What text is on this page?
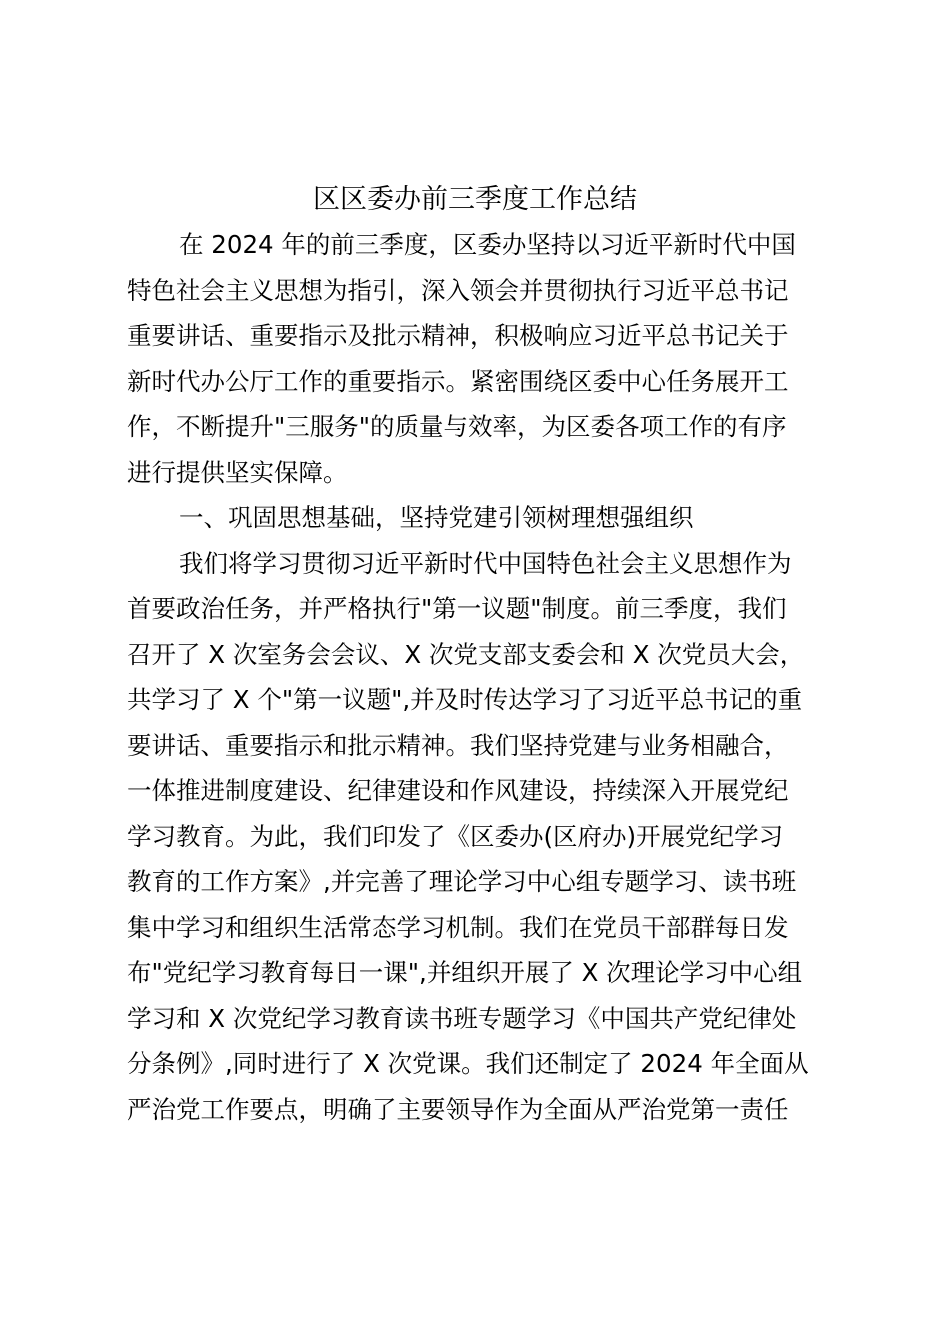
区区委办前三季度工作总结
在 2024 年的前三季度，区委办坚持以习近平新时代中国
特色社会主义思想为指引，深入领会并贯彻执行习近平总书记
重要讲话、重要指示及批示精神，积极响应习近平总书记关于
新时代办公厅工作的重要指示。紧密围绕区委中心任务展开工
作，不断提升"三服务"的质量与效率，为区委各项工作的有序
进行提供坚实保障。
一、巩固思想基础，坚持党建引领树理想强组织
我们将学习贯彻习近平新时代中国特色社会主义思想作为
首要政治任务，并严格执行"第一议题"制度。前三季度，我们
召开了 X 次室务会会议、X 次党支部支委会和 X 次党员大会，
共学习了 X 个"第一议题",并及时传达学习了习近平总书记的重
要讲话、重要指示和批示精神。我们坚持党建与业务相融合，
一体推进制度建设、纪律建设和作风建设，持续深入开展党纪
学习教育。为此，我们印发了《区委办(区府办)开展党纪学习
教育的工作方案》,并完善了理论学习中心组专题学习、读书班
集中学习和组织生活常态学习机制。我们在党员干部群每日发
布"党纪学习教育每日一课",并组织开展了 X 次理论学习中心组
学习和 X 次党纪学习教育读书班专题学习《中国共产党纪律处
分条例》,同时进行了 X 次党课。我们还制定了 2024 年全面从
严治党工作要点，明确了主要领导作为全面从严治党第一责任
